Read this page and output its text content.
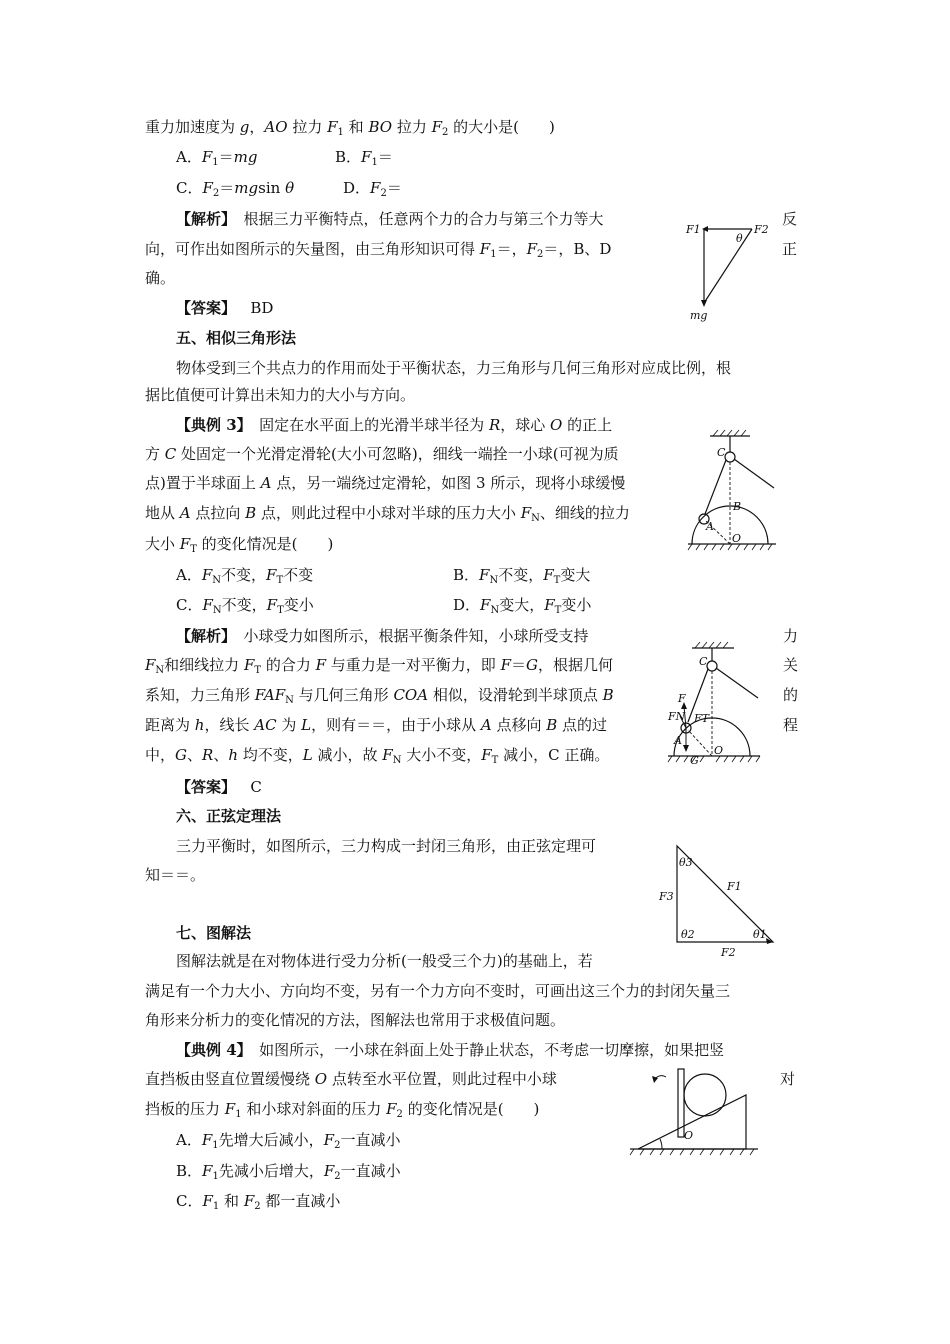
重力加速度为 g，AO 拉力 $F_1$ 和 BO 拉力 $F_2$ 的大小是(　　)
A．$F_1=mg$	B．$F_1=$
C．$F_2=mgsin$ θ	D．$F_2=$
【解析】　根据三力平衡特点，任意两个力的合力与第三个力等大	反
向，可作出如图所示的矢量图，由三角形知识可得 $F_1=$，$F_2=$，B、D	正
确。
【答案】 BD
F1	F2
θ
mg
五、相似三角形法
物体受到三个共点力的作用而处于平衡状态，力三角形与几何三角形对应成比例，根
据比值便可计算出未知力的大小与方向。
【典例 3】　固定在水平面上的光滑半球半径为 R，球心 O 的正上
方 C 处固定一个光滑定滑轮(大小可忽略)，细线一端拴一小球(可视为质
点)置于半球面上 A 点，另一端绕过定滑轮，如图 3 所示，现将小球缓慢
地从 A 点拉向 B 点，则此过程中小球对半球的压力大小 $F_N$、细线的拉力
大小 $F_T$ 的变化情况是(　　)
A．$F_N$不变，$F_T$不变	B．$F_N$不变，$F_T$变大
C．$F_N$不变，$F_T$变小	D．$F_N$变大，$F_T$变小
C
A
B
O
【解析】　小球受力如图所示，根据平衡条件知，小球所受支持	力
$F_N$和细线拉力 $F_T$ 的合力 F 与重力是一对平衡力，即 F＝G，根据几何	关
系知，力三角形 $FAF_N$ 与几何三角形 COA 相似，设滑轮到半球顶点 B	的
距离为 h，线长 AC 为 L，则有＝＝，由于小球从 A 点移向 B 点的过	程
中，G、R、h 均不变，L 减小，故 $F_N$ 大小不变，$F_T$ 减小，C 正确。
【答案】 C
C
F
FN FT
A
O
G
六、正弦定理法
三力平衡时，如图所示，三力构成一封闭三角形，由正弦定理可
知＝＝。
θ3
F1
F3
θ2	θ1
F2
七、图解法
图解法就是在对物体进行受力分析(一般受三个力)的基础上，若
满足有一个力大小、方向均不变，另有一个力方向不变时，可画出这三个力的封闭矢量三
角形来分析力的变化情况的方法，图解法也常用于求极值问题。
【典例 4】　如图所示，一小球在斜面上处于静止状态，不考虑一切摩擦，如果把竖
直挡板由竖直位置缓慢绕 O 点转至水平位置，则此过程中小球	对
挡板的压力 $F_1$ 和小球对斜面的压力 $F_2$ 的变化情况是(　　)
A．$F_1$先增大后减小，$F_2$一直减小
B．$F_1$先减小后增大，$F_2$一直减小
C．$F_1$ 和 $F_2$ 都一直减小
O
